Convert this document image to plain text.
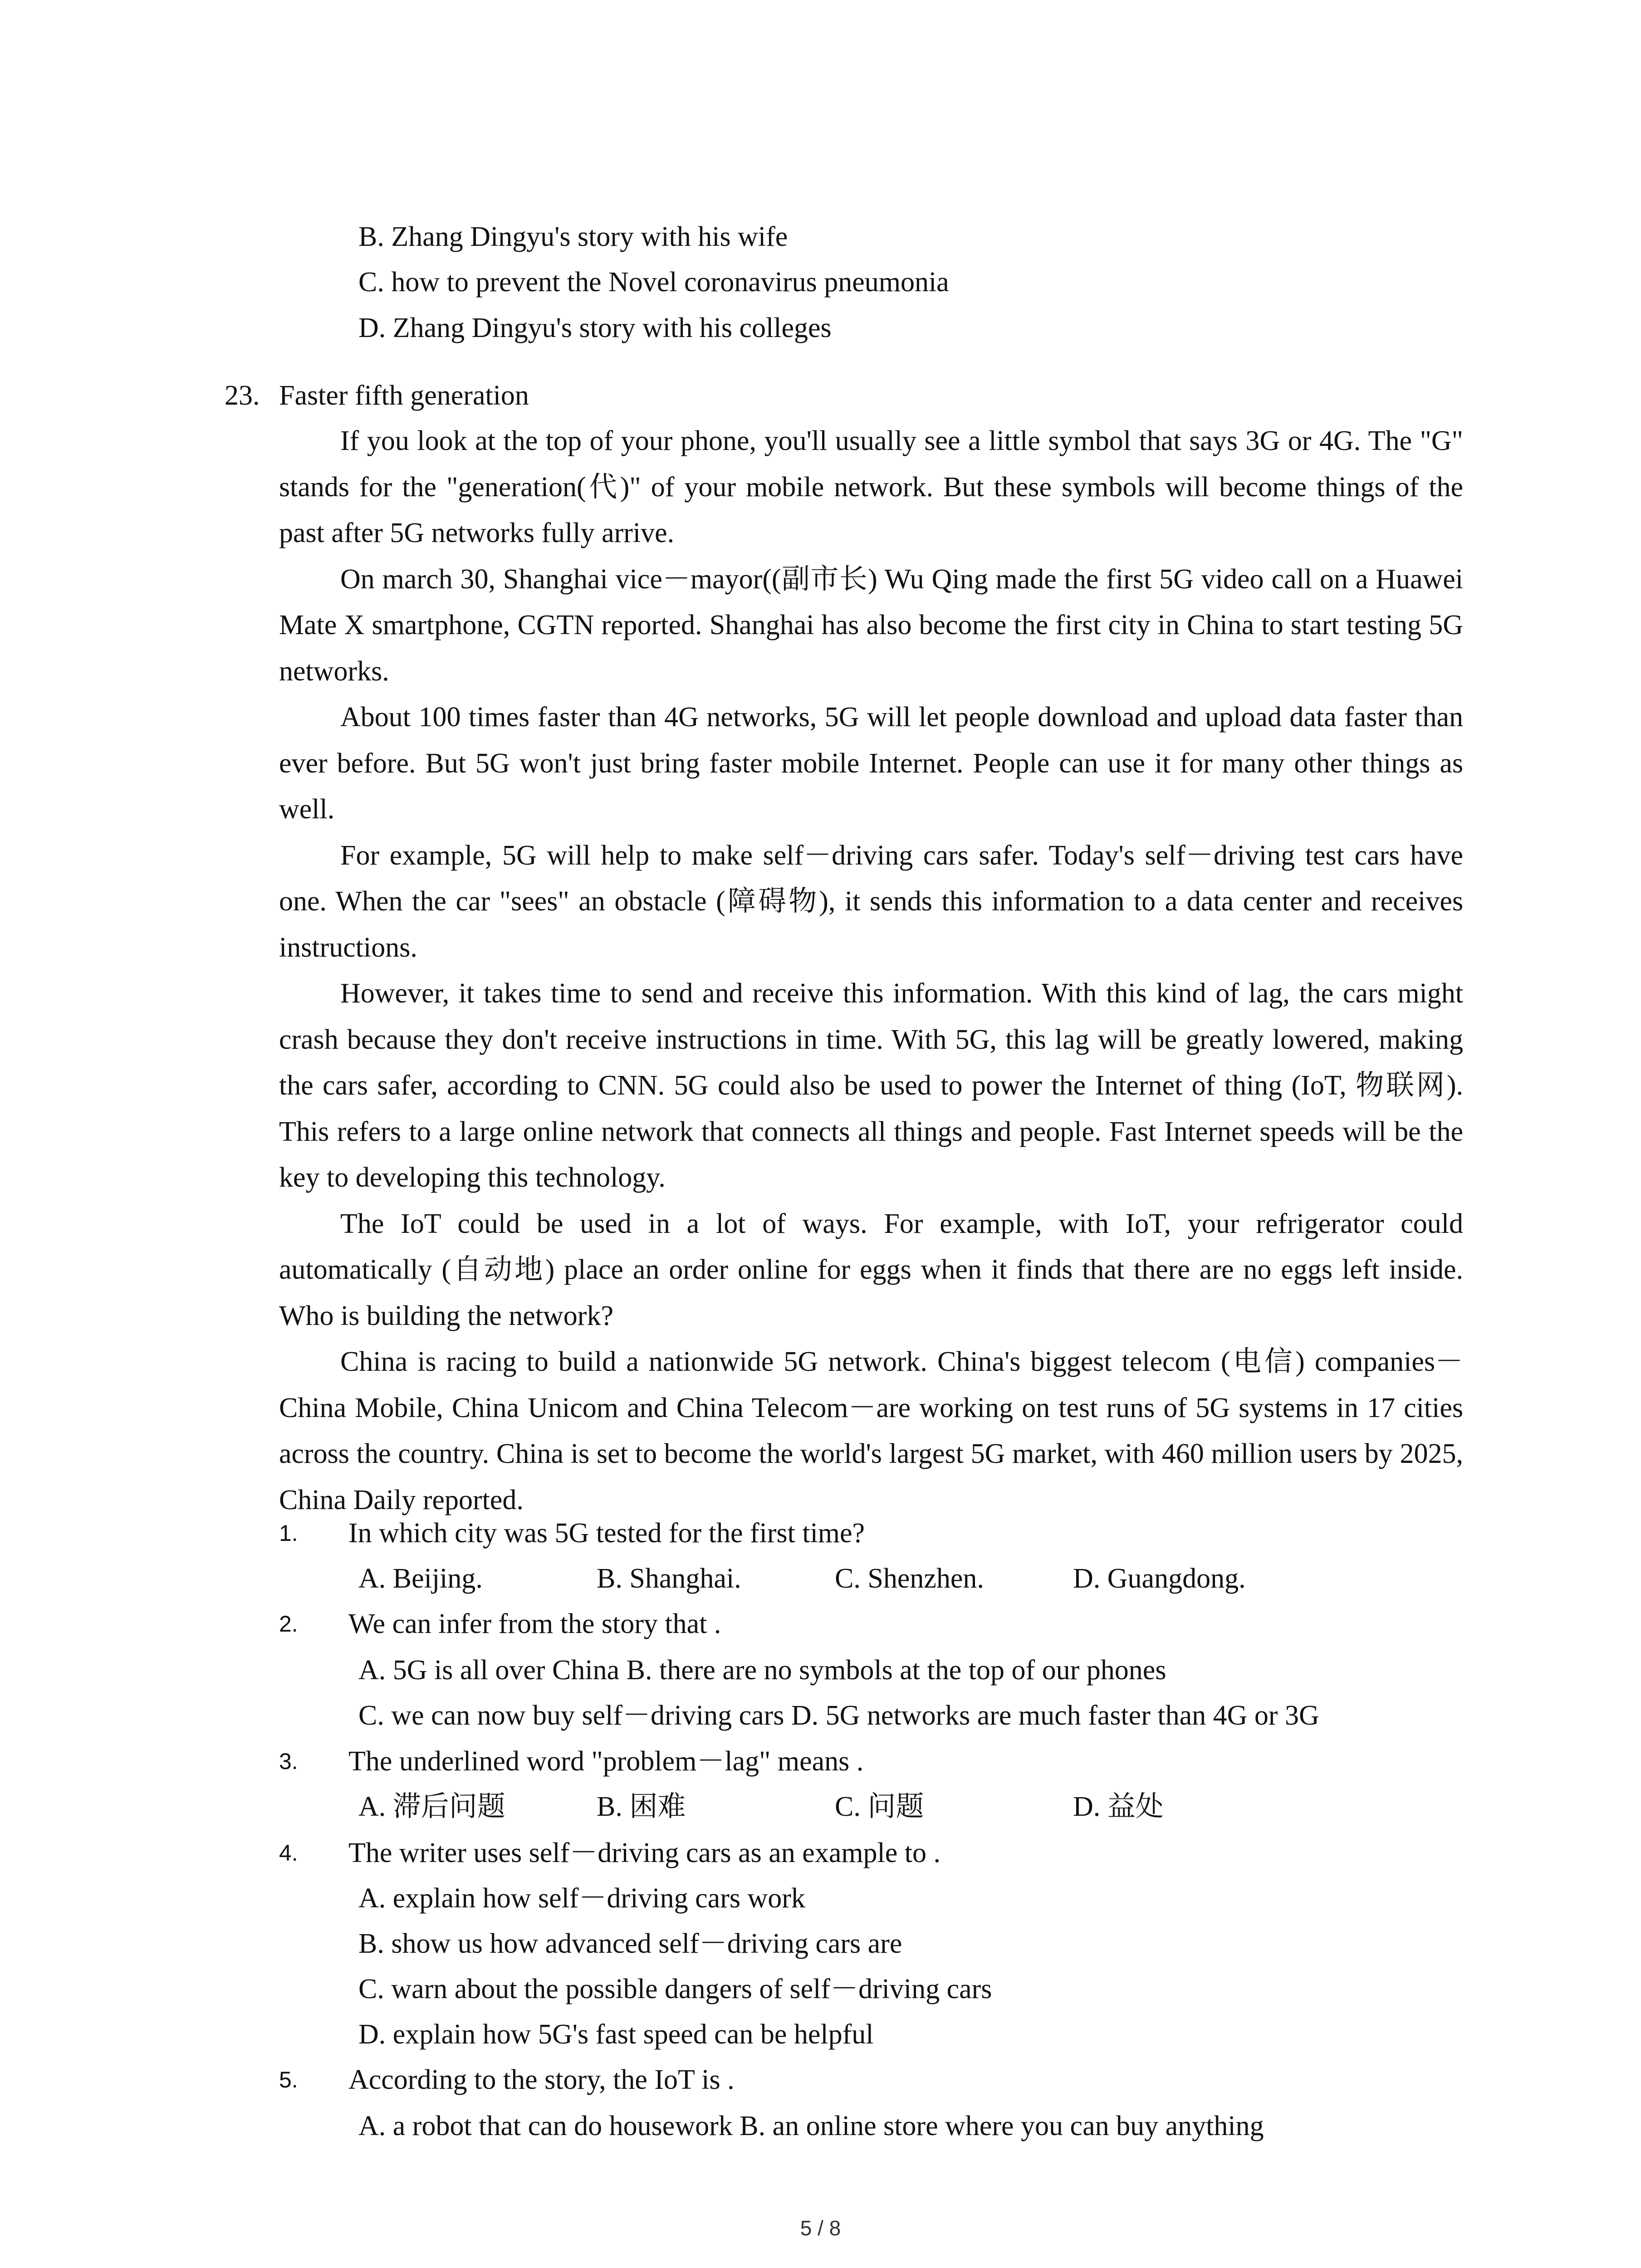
B. Zhang Dingyu's story with his wife
C. how to prevent the Novel coronavirus pneumonia
D. Zhang Dingyu's story with his colleges
23. Faster fifth generation

If you look at the top of your phone, you'll usually see a little symbol that says 3G or 4G. The "G" stands for the "generation(代)" of your mobile network. But these symbols will become things of the past after 5G networks fully arrive.

On march 30, Shanghai vice－mayor((副市长) Wu Qing made the first 5G video call on a Huawei Mate X smartphone, CGTN reported. Shanghai has also become the first city in China to start testing 5G networks.

About 100 times faster than 4G networks, 5G will let people download and upload data faster than ever before. But 5G won't just bring faster mobile Internet. People can use it for many other things as well.

For example, 5G will help to make self－driving cars safer. Today's self－driving test cars have one. When the car "sees" an obstacle (障碍物), it sends this information to a data center and receives instructions.

However, it takes time to send and receive this information. With this kind of lag, the cars might crash because they don't receive instructions in time. With 5G, this lag will be greatly lowered, making the cars safer, according to CNN. 5G could also be used to power the Internet of thing (IoT, 物联网). This refers to a large online network that connects all things and people. Fast Internet speeds will be the key to developing this technology.

The IoT could be used in a lot of ways. For example, with IoT, your refrigerator could automatically (自动地) place an order online for eggs when it finds that there are no eggs left inside. Who is building the network?

China is racing to build a nationwide 5G network. China's biggest telecom (电信) companies－China Mobile, China Unicom and China Telecom－are working on test runs of 5G systems in 17 cities across the country. China is set to become the world's largest 5G market, with 460 million users by 2025, China Daily reported.

1. In which city was 5G tested for the first time?
A. Beijing.	B. Shanghai.	C. Shenzhen.	D. Guangdong.
2. We can infer from the story that .
A. 5G is all over China B. there are no symbols at the top of our phones
C. we can now buy self－driving cars D. 5G networks are much faster than 4G or 3G
3. The underlined word "problem－lag" means .
A. 滞后问题	B. 困难	C. 问题	D. 益处
4. The writer uses self－driving cars as an example to .
A. explain how self－driving cars work
B. show us how advanced self－driving cars are
C. warn about the possible dangers of self－driving cars
D. explain how 5G's fast speed can be helpful
5. According to the story, the IoT is .
A. a robot that can do housework B. an online store where you can buy anything
5 / 8
